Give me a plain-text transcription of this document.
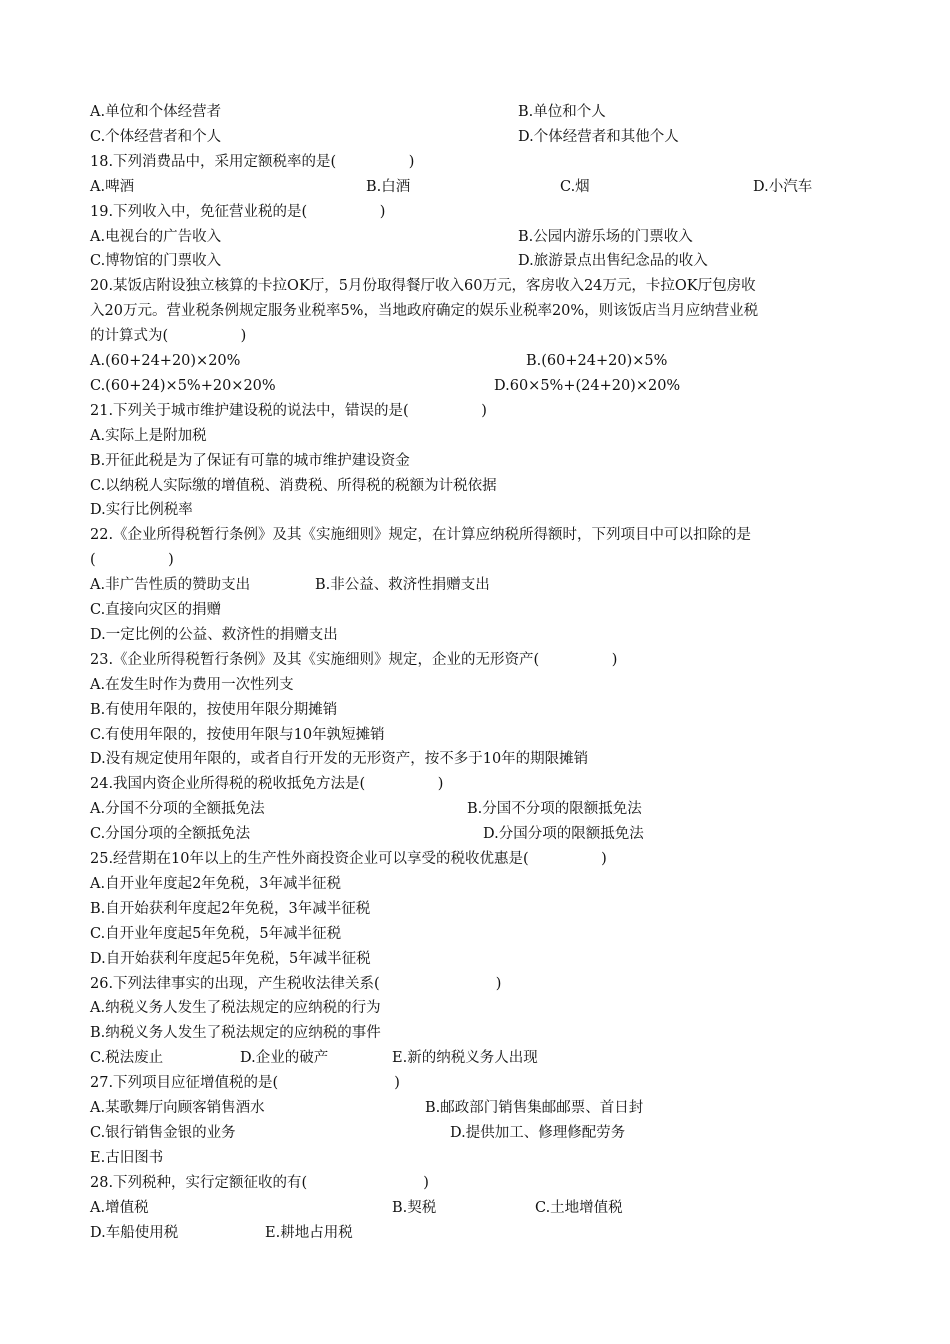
A.单位和个体经营者	B.单位和个人
C.个体经营者和个人	D.个体经营者和其他个人
18.下列消费品中，采用定额税率的是(　　　　　)
A.啤酒	B.白酒	C.烟	D.小汽车
19.下列收入中，免征营业税的是(　　　　　)
A.电视台的广告收入	B.公园内游乐场的门票收入
C.博物馆的门票收入	D.旅游景点出售纪念品的收入
20.某饭店附设独立核算的卡拉OK厅，5月份取得餐厅收入60万元，客房收入24万元，卡拉OK厅包房收
入20万元。营业税条例规定服务业税率5%，当地政府确定的娱乐业税率20%，则该饭店当月应纳营业税
的计算式为(　　　　　)
A.(60+24+20)×20%	B.(60+24+20)×5%
C.(60+24)×5%+20×20%	D.60×5%+(24+20)×20%
21.下列关于城市维护建设税的说法中，错误的是(　　　　　)
A.实际上是附加税
B.开征此税是为了保证有可靠的城市维护建设资金
C.以纳税人实际缴的增值税、消费税、所得税的税额为计税依据
D.实行比例税率
22.《企业所得税暂行条例》及其《实施细则》规定，在计算应纳税所得额时，下列项目中可以扣除的是
(　　　　　)
A.非广告性质的赞助支出	B.非公益、救济性捐赠支出
C.直接向灾区的捐赠
D.一定比例的公益、救济性的捐赠支出
23.《企业所得税暂行条例》及其《实施细则》规定，企业的无形资产(　　　　　)
A.在发生时作为费用一次性列支
B.有使用年限的，按使用年限分期摊销
C.有使用年限的，按使用年限与10年孰短摊销
D.没有规定使用年限的，或者自行开发的无形资产，按不多于10年的期限摊销
24.我国内资企业所得税的税收抵免方法是(　　　　　)
A.分国不分项的全额抵免法	B.分国不分项的限额抵免法
C.分国分项的全额抵免法	D.分国分项的限额抵免法
25.经营期在10年以上的生产性外商投资企业可以享受的税收优惠是(　　　　　)
A.自开业年度起2年免税，3年减半征税
B.自开始获利年度起2年免税，3年减半征税
C.自开业年度起5年免税，5年减半征税
D.自开始获利年度起5年免税，5年减半征税
26.下列法律事实的出现，产生税收法律关系(　　　　　　　　)
A.纳税义务人发生了税法规定的应纳税的行为
B.纳税义务人发生了税法规定的应纳税的事件
C.税法废止	D.企业的破产	E.新的纳税义务人出现
27.下列项目应征增值税的是(　　　　　　　　)
A.某歌舞厅向顾客销售酒水	B.邮政部门销售集邮邮票、首日封
C.银行销售金银的业务	D.提供加工、修理修配劳务
E.古旧图书
28.下列税种，实行定额征收的有(　　　　　　　　)
A.增值税	B.契税	C.土地增值税
D.车船使用税	E.耕地占用税
